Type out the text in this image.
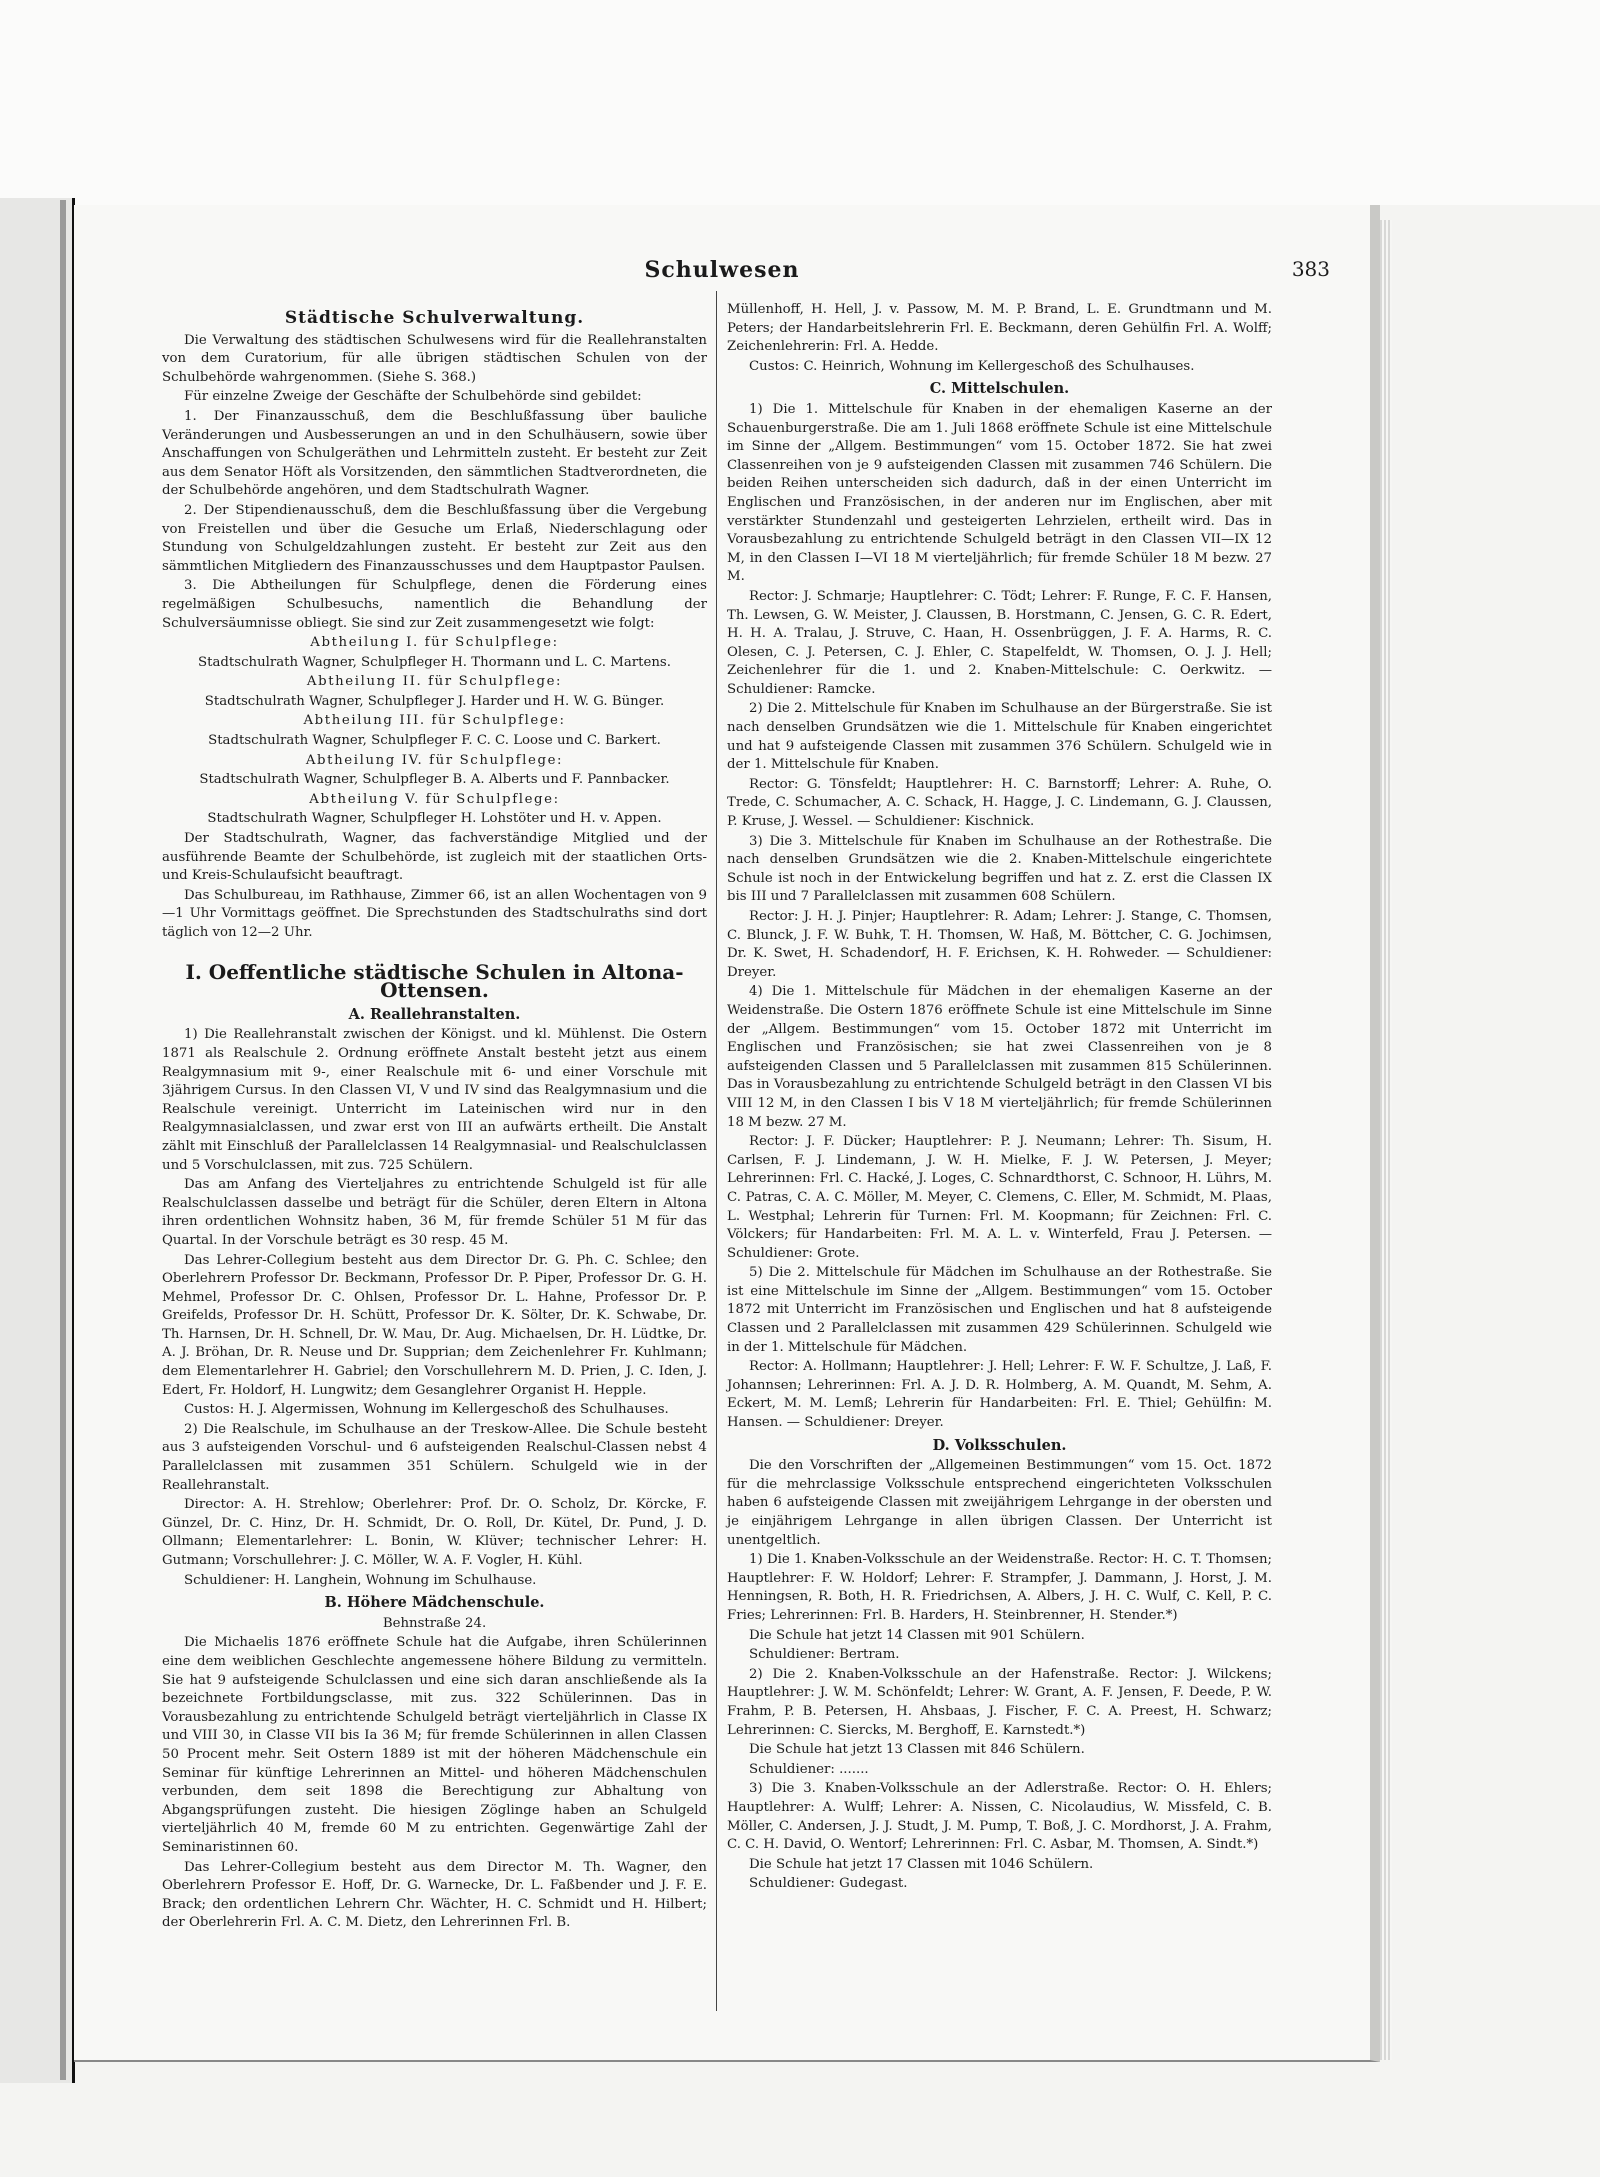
Schulwesen	383
Städtische Schulverwaltung.

Die Verwaltung des städtischen Schulwesens wird für die Reallehranstalten von dem Curatorium, für alle übrigen städtischen Schulen von der Schulbehörde wahrgenommen. (Siehe S. 368.)

Für einzelne Zweige der Geschäfte der Schulbehörde sind gebildet:

1. Der Finanzausschuß, dem die Beschlußfassung über bauliche Veränderungen und Ausbesserungen an und in den Schulhäusern, sowie über Anschaffungen von Schulgeräthen und Lehrmitteln zusteht. Er besteht zur Zeit aus dem Senator Höft als Vorsitzenden, den sämmtlichen Stadtverordneten, die der Schulbehörde angehören, und dem Stadtschulrath Wagner.

2. Der Stipendienausschuß, dem die Beschlußfassung über die Vergebung von Freistellen und über die Gesuche um Erlaß, Niederschlagung oder Stundung von Schulgeldzahlungen zusteht. Er besteht zur Zeit aus den sämmtlichen Mitgliedern des Finanzausschusses und dem Hauptpastor Paulsen.

3. Die Abtheilungen für Schulpflege, denen die Förderung eines regelmäßigen Schulbesuchs, namentlich die Behandlung der Schulversäumnisse obliegt. Sie sind zur Zeit zusammengesetzt wie folgt:

Abtheilung I. für Schulpflege:

Stadtschulrath Wagner, Schulpfleger H. Thormann und L. C. Martens.

Abtheilung II. für Schulpflege:

Stadtschulrath Wagner, Schulpfleger J. Harder und H. W. G. Bünger.

Abtheilung III. für Schulpflege:

Stadtschulrath Wagner, Schulpfleger F. C. C. Loose und C. Barkert.

Abtheilung IV. für Schulpflege:

Stadtschulrath Wagner, Schulpfleger B. A. Alberts und F. Pannbacker.

Abtheilung V. für Schulpflege:

Stadtschulrath Wagner, Schulpfleger H. Lohstöter und H. v. Appen.

Der Stadtschulrath, Wagner, das fachverständige Mitglied und der ausführende Beamte der Schulbehörde, ist zugleich mit der staatlichen Orts- und Kreis-Schulaufsicht beauftragt.

Das Schulbureau, im Rathhause, Zimmer 66, ist an allen Wochentagen von 9—1 Uhr Vormittags geöffnet. Die Sprechstunden des Stadtschulraths sind dort täglich von 12—2 Uhr.

I. Oeffentliche städtische Schulen in Altona-Ottensen.
A. Reallehranstalten.

1) Die Reallehranstalt zwischen der Königst. und kl. Mühlenst. Die Ostern 1871 als Realschule 2. Ordnung eröffnete Anstalt besteht jetzt aus einem Realgymnasium mit 9-, einer Realschule mit 6- und einer Vorschule mit 3jährigem Cursus. In den Classen VI, V und IV sind das Realgymnasium und die Realschule vereinigt. Unterricht im Lateinischen wird nur in den Realgymnasialclassen, und zwar erst von III an aufwärts ertheilt. Die Anstalt zählt mit Einschluß der Parallelclassen 14 Realgymnasial- und Realschulclassen und 5 Vorschulclassen, mit zus. 725 Schülern.

Das am Anfang des Vierteljahres zu entrichtende Schulgeld ist für alle Realschulclassen dasselbe und beträgt für die Schüler, deren Eltern in Altona ihren ordentlichen Wohnsitz haben, 36 M, für fremde Schüler 51 M für das Quartal. In der Vorschule beträgt es 30 resp. 45 M.

Das Lehrer-Collegium besteht aus dem Director Dr. G. Ph. C. Schlee; den Oberlehrern Professor Dr. Beckmann, Professor Dr. P. Piper, Professor Dr. G. H. Mehmel, Professor Dr. C. Ohlsen, Professor Dr. L. Hahne, Professor Dr. P. Greifelds, Professor Dr. H. Schütt, Professor Dr. K. Sölter, Dr. K. Schwabe, Dr. Th. Harnsen, Dr. H. Schnell, Dr. W. Mau, Dr. Aug. Michaelsen, Dr. H. Lüdtke, Dr. A. J. Bröhan, Dr. R. Neuse und Dr. Supprian; dem Zeichenlehrer Fr. Kuhlmann; dem Elementarlehrer H. Gabriel; den Vorschullehrern M. D. Prien, J. C. Iden, J. Edert, Fr. Holdorf, H. Lungwitz; dem Gesanglehrer Organist H. Hepple.

Custos: H. J. Algermissen, Wohnung im Kellergeschoß des Schulhauses.

2) Die Realschule, im Schulhause an der Treskow-Allee. Die Schule besteht aus 3 aufsteigenden Vorschul- und 6 aufsteigenden Realschul-Classen nebst 4 Parallelclassen mit zusammen 351 Schülern. Schulgeld wie in der Reallehranstalt.

Director: A. H. Strehlow; Oberlehrer: Prof. Dr. O. Scholz, Dr. Körcke, F. Günzel, Dr. C. Hinz, Dr. H. Schmidt, Dr. O. Roll, Dr. Kütel, Dr. Pund, J. D. Ollmann; Elementarlehrer: L. Bonin, W. Klüver; technischer Lehrer: H. Gutmann; Vorschullehrer: J. C. Möller, W. A. F. Vogler, H. Kühl.

Schuldiener: H. Langhein, Wohnung im Schulhause.

B. Höhere Mädchenschule.

Behnstraße 24.

Die Michaelis 1876 eröffnete Schule hat die Aufgabe, ihren Schülerinnen eine dem weiblichen Geschlechte angemessene höhere Bildung zu vermitteln. Sie hat 9 aufsteigende Schulclassen und eine sich daran anschließende als Ia bezeichnete Fortbildungsclasse, mit zus. 322 Schülerinnen. Das in Vorausbezahlung zu entrichtende Schulgeld beträgt vierteljährlich in Classe IX und VIII 30, in Classe VII bis Ia 36 M; für fremde Schülerinnen in allen Classen 50 Procent mehr. Seit Ostern 1889 ist mit der höheren Mädchenschule ein Seminar für künftige Lehrerinnen an Mittel- und höheren Mädchenschulen verbunden, dem seit 1898 die Berechtigung zur Abhaltung von Abgangsprüfungen zusteht. Die hiesigen Zöglinge haben an Schulgeld vierteljährlich 40 M, fremde 60 M zu entrichten. Gegenwärtige Zahl der Seminaristinnen 60.

Das Lehrer-Collegium besteht aus dem Director M. Th. Wagner, den Oberlehrern Professor E. Hoff, Dr. G. Warnecke, Dr. L. Faßbender und J. F. E. Brack; den ordentlichen Lehrern Chr. Wächter, H. C. Schmidt und H. Hilbert; der Oberlehrerin Frl. A. C. M. Dietz, den Lehrerinnen Frl. B.

Müllenhoff, H. Hell, J. v. Passow, M. M. P. Brand, L. E. Grundtmann und M. Peters; der Handarbeitslehrerin Frl. E. Beckmann, deren Gehülfin Frl. A. Wolff; Zeichenlehrerin: Frl. A. Hedde.

Custos: C. Heinrich, Wohnung im Kellergeschoß des Schulhauses.

C. Mittelschulen.

1) Die 1. Mittelschule für Knaben in der ehemaligen Kaserne an der Schauenburgerstraße. Die am 1. Juli 1868 eröffnete Schule ist eine Mittelschule im Sinne der „Allgem. Bestimmungen“ vom 15. October 1872. Sie hat zwei Classenreihen von je 9 aufsteigenden Classen mit zusammen 746 Schülern. Die beiden Reihen unterscheiden sich dadurch, daß in der einen Unterricht im Englischen und Französischen, in der anderen nur im Englischen, aber mit verstärkter Stundenzahl und gesteigerten Lehrzielen, ertheilt wird. Das in Vorausbezahlung zu entrichtende Schulgeld beträgt in den Classen VII—IX 12 M, in den Classen I—VI 18 M vierteljährlich; für fremde Schüler 18 M bezw. 27 M.

Rector: J. Schmarje; Hauptlehrer: C. Tödt; Lehrer: F. Runge, F. C. F. Hansen, Th. Lewsen, G. W. Meister, J. Claussen, B. Horstmann, C. Jensen, G. C. R. Edert, H. H. A. Tralau, J. Struve, C. Haan, H. Ossenbrüggen, J. F. A. Harms, R. C. Olesen, C. J. Petersen, C. J. Ehler, C. Stapelfeldt, W. Thomsen, O. J. J. Hell; Zeichenlehrer für die 1. und 2. Knaben-Mittelschule: C. Oerkwitz. — Schuldiener: Ramcke.

2) Die 2. Mittelschule für Knaben im Schulhause an der Bürgerstraße. Sie ist nach denselben Grundsätzen wie die 1. Mittelschule für Knaben eingerichtet und hat 9 aufsteigende Classen mit zusammen 376 Schülern. Schulgeld wie in der 1. Mittelschule für Knaben.

Rector: G. Tönsfeldt; Hauptlehrer: H. C. Barnstorff; Lehrer: A. Ruhe, O. Trede, C. Schumacher, A. C. Schack, H. Hagge, J. C. Lindemann, G. J. Claussen, P. Kruse, J. Wessel. — Schuldiener: Kischnick.

3) Die 3. Mittelschule für Knaben im Schulhause an der Rothestraße. Die nach denselben Grundsätzen wie die 2. Knaben-Mittelschule eingerichtete Schule ist noch in der Entwickelung begriffen und hat z. Z. erst die Classen IX bis III und 7 Parallelclassen mit zusammen 608 Schülern.

Rector: J. H. J. Pinjer; Hauptlehrer: R. Adam; Lehrer: J. Stange, C. Thomsen, C. Blunck, J. F. W. Buhk, T. H. Thomsen, W. Haß, M. Böttcher, C. G. Jochimsen, Dr. K. Swet, H. Schadendorf, H. F. Erichsen, K. H. Rohweder. — Schuldiener: Dreyer.

4) Die 1. Mittelschule für Mädchen in der ehemaligen Kaserne an der Weidenstraße. Die Ostern 1876 eröffnete Schule ist eine Mittelschule im Sinne der „Allgem. Bestimmungen“ vom 15. October 1872 mit Unterricht im Englischen und Französischen; sie hat zwei Classenreihen von je 8 aufsteigenden Classen und 5 Parallelclassen mit zusammen 815 Schülerinnen. Das in Vorausbezahlung zu entrichtende Schulgeld beträgt in den Classen VI bis VIII 12 M, in den Classen I bis V 18 M vierteljährlich; für fremde Schülerinnen 18 M bezw. 27 M.

Rector: J. F. Dücker; Hauptlehrer: P. J. Neumann; Lehrer: Th. Sisum, H. Carlsen, F. J. Lindemann, J. W. H. Mielke, F. J. W. Petersen, J. Meyer; Lehrerinnen: Frl. C. Hacké, J. Loges, C. Schnardthorst, C. Schnoor, H. Lührs, M. C. Patras, C. A. C. Möller, M. Meyer, C. Clemens, C. Eller, M. Schmidt, M. Plaas, L. Westphal; Lehrerin für Turnen: Frl. M. Koopmann; für Zeichnen: Frl. C. Völckers; für Handarbeiten: Frl. M. A. L. v. Winterfeld, Frau J. Petersen. — Schuldiener: Grote.

5) Die 2. Mittelschule für Mädchen im Schulhause an der Rothestraße. Sie ist eine Mittelschule im Sinne der „Allgem. Bestimmungen“ vom 15. October 1872 mit Unterricht im Französischen und Englischen und hat 8 aufsteigende Classen und 2 Parallelclassen mit zusammen 429 Schülerinnen. Schulgeld wie in der 1. Mittelschule für Mädchen.

Rector: A. Hollmann; Hauptlehrer: J. Hell; Lehrer: F. W. F. Schultze, J. Laß, F. Johannsen; Lehrerinnen: Frl. A. J. D. R. Holmberg, A. M. Quandt, M. Sehm, A. Eckert, M. M. Lemß; Lehrerin für Handarbeiten: Frl. E. Thiel; Gehülfin: M. Hansen. — Schuldiener: Dreyer.

D. Volksschulen.

Die den Vorschriften der „Allgemeinen Bestimmungen“ vom 15. Oct. 1872 für die mehrclassige Volksschule entsprechend eingerichteten Volksschulen haben 6 aufsteigende Classen mit zweijährigem Lehrgange in der obersten und je einjährigem Lehrgange in allen übrigen Classen. Der Unterricht ist unentgeltlich.

1) Die 1. Knaben-Volksschule an der Weidenstraße. Rector: H. C. T. Thomsen; Hauptlehrer: F. W. Holdorf; Lehrer: F. Strampfer, J. Dammann, J. Horst, J. M. Henningsen, R. Both, H. R. Friedrichsen, A. Albers, J. H. C. Wulf, C. Kell, P. C. Fries; Lehrerinnen: Frl. B. Harders, H. Steinbrenner, H. Stender.*)

Die Schule hat jetzt 14 Classen mit 901 Schülern.

Schuldiener: Bertram.

2) Die 2. Knaben-Volksschule an der Hafenstraße. Rector: J. Wilckens; Hauptlehrer: J. W. M. Schönfeldt; Lehrer: W. Grant, A. F. Jensen, F. Deede, P. W. Frahm, P. B. Petersen, H. Ahsbaas, J. Fischer, F. C. A. Preest, H. Schwarz; Lehrerinnen: C. Siercks, M. Berghoff, E. Karnstedt.*)

Die Schule hat jetzt 13 Classen mit 846 Schülern.

Schuldiener: .......

3) Die 3. Knaben-Volksschule an der Adlerstraße. Rector: O. H. Ehlers; Hauptlehrer: A. Wulff; Lehrer: A. Nissen, C. Nicolaudius, W. Missfeld, C. B. Möller, C. Andersen, J. J. Studt, J. M. Pump, T. Boß, J. C. Mordhorst, J. A. Frahm, C. C. H. David, O. Wentorf; Lehrerinnen: Frl. C. Asbar, M. Thomsen, A. Sindt.*)

Die Schule hat jetzt 17 Classen mit 1046 Schülern.

Schuldiener: Gudegast.
